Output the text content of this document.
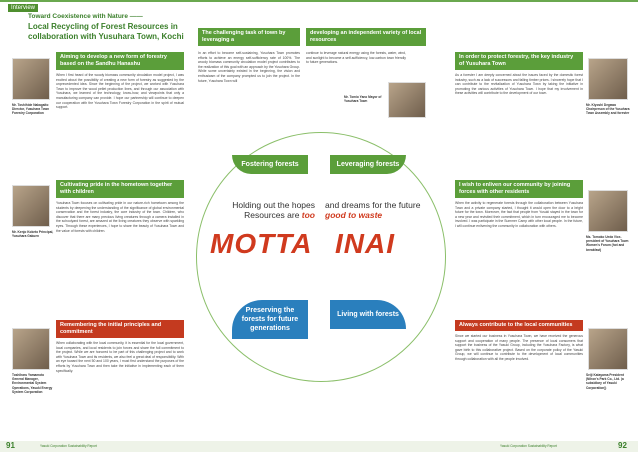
Interview
Toward Coexistence with Nature ——
Local Recycling of Forest Resources in collaboration with Yusuhara Town, Kochi
Aiming to develop a new form of forestry based on the Sandhu Hanashu
When I first heard of the woody biomass community circulation model project, I was excited about the possibility of creating a new form of forestry as suggested by the unprecedented idea. Since the beginning of the project, we worked with Yusuhara Town to improve the wood pellet production lines, and through our association with Yusuhara, we learned of the technology, know-how, and viewpoints that only a manufacturing company can provide. I hope our partnership will continue to deepen our cooperation with the Yusuhara Town Forestry Corporation in the spirit of mutual support.
Mr. Toshihide Nakagaito Director, Yusuhara Town Forestry Corporation
The challenging task of town by leveraging a
In an effort to become self-sustaining, Yusuhara Town promotes efforts to achieve an energy self-sufficiency rate of 100%. The woody biomass community circulation model project contributes to the realization of this goal with an approach by the Yusuhara Group. While some uncertainty existed in the beginning, the vision and enthusiasm of the company prompted us to join the project. In the future, Yusuhara Town will
developing an independent variety of local resources
continue to leverage natural energy using the forests, water, wind, and sunlight to become a self-sufficiency, low-carbon town friendly to future generations.
Mr. Tomio Yano Mayor of Yusuhara Town
In order to protect forestry, the key industry of Yusuhara Town
As a forester I am deeply concerned about the issues faced by the domestic forest industry, such as a lack of successors and falling timber prices. I sincerely hope that I can contribute to the revitalization of Yusuhara Town by taking the initiative in promoting the various activities of Yusuhara Town. I hope that my involvement in these activities will contribute to the development of our town.
Mr. Kiyoshi Degawa Chairperson of the Yusuhara Town Assembly and forester
Cultivating pride in the hometown together with children
Yusuhara Town focuses on cultivating pride in our nature-rich hometown among the students by deepening the understanding of the significance of global environmental conservation and the forest industry, the core industry of the town. Children, who discover that there are many precious living creatures through a camera installed in the schoolyard forest, are amazed at the living creatures they observe with sparkling eyes. Through these experiences, I hope to share the beauty of Yusuhara Town and the value of forests with children.
Mr. Kenjo Koketo Principal, Yusuhara Gakuen
I wish to enliven our community by joining forces with other residents
When the activity to regenerate forests through the collaboration between Yusuhara Town and a private company started, I thought it would open the door to a bright future for the town. Moreover, the fact that people from Yusuki stayed in the town for a new year and revisited their commitment, which in turn encouraged me to become involved. I was participate in the Summer Camp with other local people. In the future, I will continue enlivening the community in collaboration with others.
Ms. Tomoko Ueda Vice-president of Yusuhara Town Women's Forum (hot and breakfast)
Remembering the initial principles and commitment
When collaborating with the local community, it is essential for the local government, local companies, and local residents to join forces and share the full commitment to the project. While we are honored to be part of this challenging project and to work with Yusuhara Town and its residents, we also feel a great deal of responsibility. With an eye toward the next 50 and 100 years, I must first understand the purposes of the efforts by Yusuhara Town and then take the initiative in implementing each of them specifically.
Toshiharu Yamamoto General Manager, Environmental System Operations, Yasuki Energy System Corporation
Always contribute to the local communities
Since we started our business in Yusuhara Town, we have received the generous support and cooperation of many people. The presence of local consumers that support the business of the Yasuki Group, including the Yusuhara Factory, is what gave birth to this collaborative project. Based on the corporate policy of the Yasuki Group, we will continue to contribute to the development of local communities through collaboration with all the people involved.
Seiji Katayama President (Nihon's Park Co., Ltd. (a subsidiary of Yasuki Corporation))
Fostering forests	Leveraging forests
Preserving the forests for future generations
Living with forests
Holding out the hopes
Resources are too
and dreams for the future
good to waste
MOTTA INAI
91	Yasuki Corporation Sustainability Report	Yasuki Corporation Sustainability Report	92
